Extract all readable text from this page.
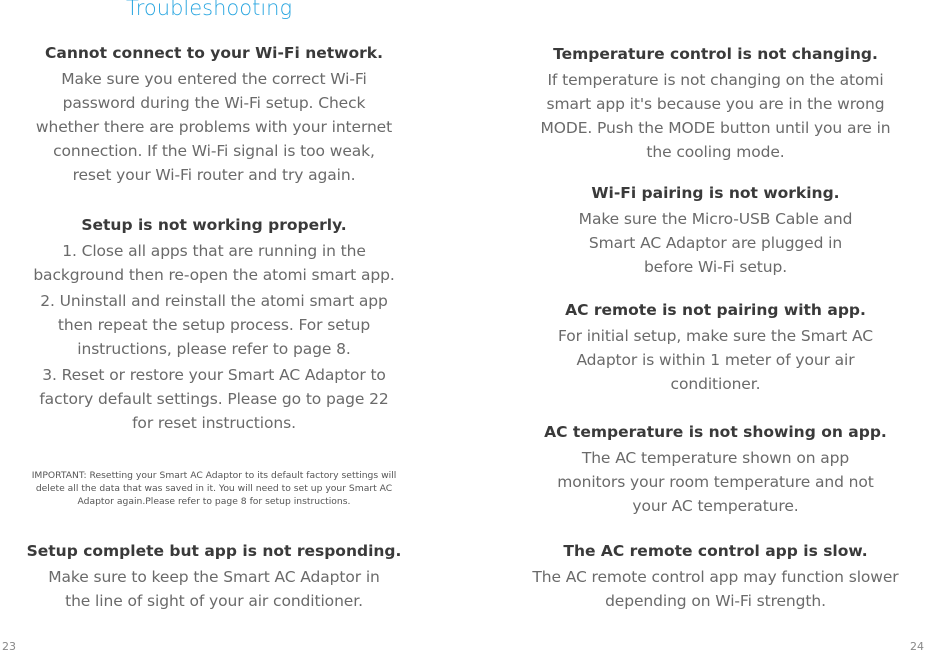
Troubleshooting

Cannot connect to your Wi-Fi network.

Make sure you entered the correct Wi-Fi
password during the Wi-Fi setup. Check
whether there are problems with your internet
connection. If the Wi-Fi signal is too weak,
reset your Wi-Fi router and try again.

Setup is not working properly.

1. Close all apps that are running in the
background then re-open the atomi smart app.

2. Uninstall and reinstall the atomi smart app
then repeat the setup process. For setup
instructions, please refer to page 8.

3. Reset or restore your Smart AC Adaptor to
factory default settings. Please go to page 22
for reset instructions.

IMPORTANT: Resetting your Smart AC Adaptor to its default factory settings will
delete all the data that was saved in it. You will need to set up your Smart AC
Adaptor again.Please refer to page 8 for setup instructions.

Setup complete but app is not responding.

Make sure to keep the Smart AC Adaptor in
the line of sight of your air conditioner.

Temperature control is not changing.

If temperature is not changing on the atomi
smart app it's because you are in the wrong
MODE. Push the MODE button until you are in
the cooling mode.

Wi-Fi pairing is not working.

Make sure the Micro-USB Cable and
Smart AC Adaptor are plugged in
before Wi-Fi setup.

AC remote is not pairing with app.

For initial setup, make sure the Smart AC
Adaptor is within 1 meter of your air
conditioner.

AC temperature is not showing on app.

The AC temperature shown on app
monitors your room temperature and not
your AC temperature.

The AC remote control app is slow.

The AC remote control app may function slower
depending on Wi-Fi strength.

23	24
